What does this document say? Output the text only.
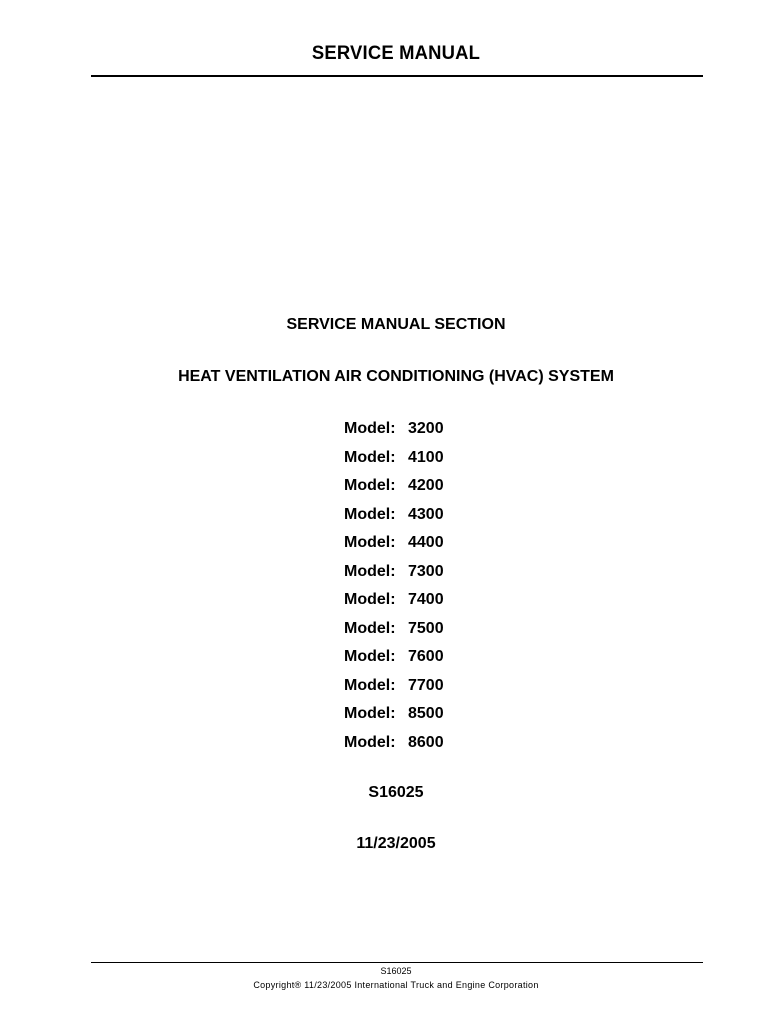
SERVICE MANUAL
SERVICE MANUAL SECTION
HEAT VENTILATION AIR CONDITIONING (HVAC) SYSTEM
Model: 3200
Model: 4100
Model: 4200
Model: 4300
Model: 4400
Model: 7300
Model: 7400
Model: 7500
Model: 7600
Model: 7700
Model: 8500
Model: 8600
S16025
11/23/2005
S16025
Copyright® 11/23/2005 International Truck and Engine Corporation
